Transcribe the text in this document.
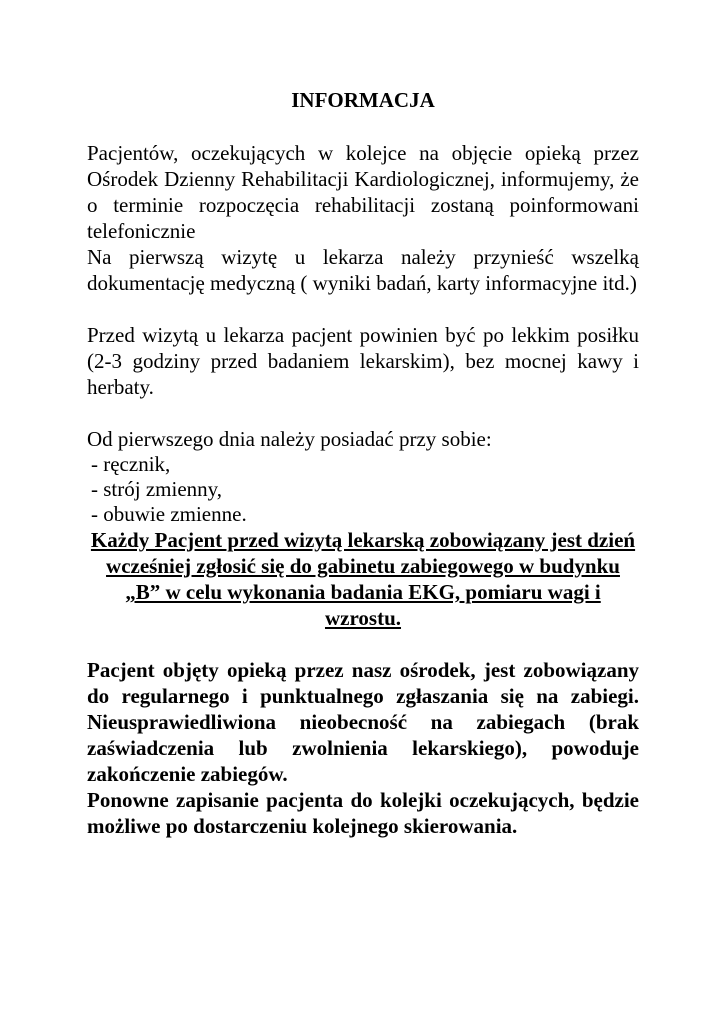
INFORMACJA

Pacjentów, oczekujących w kolejce na objęcie opieką przez Ośrodek Dzienny Rehabilitacji Kardiologicznej, informujemy, że o terminie rozpoczęcia rehabilitacji zostaną poinformowani telefonicznie

Na pierwszą wizytę u lekarza należy przynieść wszelką dokumentację medyczną ( wyniki badań, karty informacyjne itd.)

Przed wizytą u lekarza pacjent powinien być po lekkim posiłku (2-3 godziny przed badaniem lekarskim), bez mocnej kawy i herbaty.

Od pierwszego dnia należy posiadać przy sobie:

- ręcznik,
- strój zmienny,
- obuwie zmienne.

Każdy Pacjent przed wizytą lekarską zobowiązany jest dzień wcześniej zgłosić się do gabinetu zabiegowego w budynku „B” w celu wykonania badania EKG, pomiaru wagi i wzrostu.

Pacjent objęty opieką przez nasz ośrodek, jest zobowiązany do regularnego i punktualnego zgłaszania się na zabiegi. Nieusprawiedliwiona nieobecność na zabiegach (brak zaświadczenia lub zwolnienia lekarskiego), powoduje zakończenie zabiegów.

Ponowne zapisanie pacjenta do kolejki oczekujących, będzie możliwe po dostarczeniu kolejnego skierowania.
